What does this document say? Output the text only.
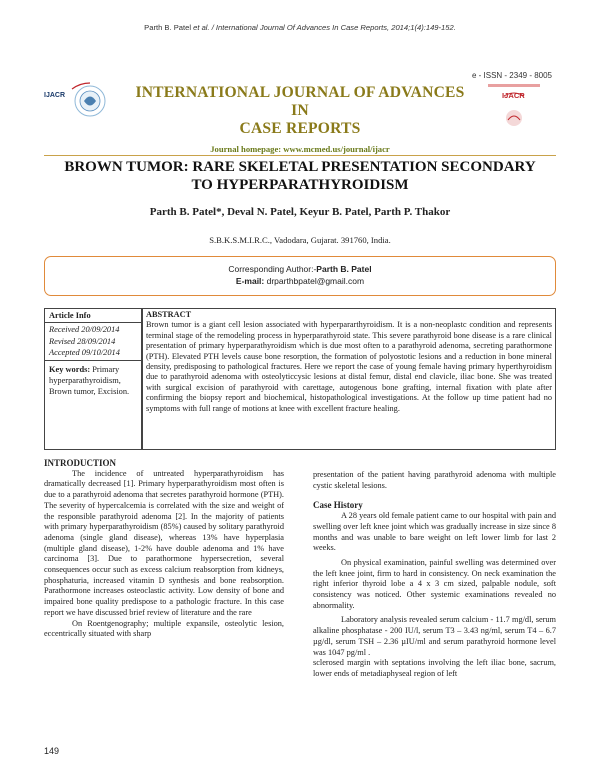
Parth B. Patel et al. / International Journal Of Advances In Case Reports, 2014;1(4):149-152.
e - ISSN - 2349 - 8005
IJACR	INTERNATIONAL JOURNAL OF ADVANCES IN
CASE REPORTS
IJACR
Journal homepage: www.mcmed.us/journal/ijacr
BROWN TUMOR: RARE SKELETAL PRESENTATION SECONDARY
TO HYPERPARATHYROIDISM
Parth B. Patel*, Deval N. Patel, Keyur B. Patel, Parth P. Thakor
S.B.K.S.M.I.R.C., Vadodara, Gujarat. 391760, India.
Corresponding Author:-Parth B. Patel
E-mail: drparthbpatel@gmail.com
Article Info
Received 20/09/2014
Revised 28/09/2014
Accepted 09/10/2014
Key words: Primary hyperparathyroidism, Brown tumor, Excision.
ABSTRACT
Brown tumor is a giant cell lesion associated with hyperpararthyroidism. It is a non-neoplastc condition and represents terminal stage of the remodeling process in hyperparathyroid state. This severe parathyroid bone disease is a rare clinical presentation of primary hyperparathyroidism which is due most often to a parathyroid adenoma, secreting parathormone (PTH). Elevated PTH levels cause bone resorption, the formation of polyostotic lesions and a reduction in bone mineral density, predisposing to pathological fractures. Here we report the case of young female having primary hyperthyroidism due to parathyroid adenoma with osteolyticcysic lesions at distal femur, distal end clavicle, iliac bone. She was treated with surgical excision of parathyroid with carettage, autogenous bone grafting, internal fixation with plate after confirming the biopsy report and biochemical, histopathological investigations. At the follow up time patient had no symptoms with full range of motions at knee with excellent fracture healing.
INTRODUCTION

The incidence of untreated hyperparathyroidism has dramatically decreased [1]. Primary hyperparathyroidism most often is due to a parathyroid adenoma that secretes parathyroid hormone (PTH). The severity of hypercalcemia is correlated with the size and weight of the responsible parathyroid adenoma [2]. In the majority of patients with primary hyperparathyroidism (85%) caused by solitary parathyroid adenoma (single gland disease), whereas 13% have hyperplasia (multiple gland disease), 1-2% have double adenoma and 1% have carcinoma [3]. Due to parathormone hypersecretion, several consequences occur such as excess calcium reabsorption from kidneys, phosphaturia, increased vitamin D synthesis and bone reabsorption. Parathormone increases osteoclastic activity. Low density of bone and impaired bone quality predispose to a pathologic fracture. In this case report we have discussed brief review of literature and the rare

On Roentgenography; multiple expansile, osteolytic lesion, eccentrically situated with sharp

presentation of the patient having parathyroid adenoma with multiple cystic skeletal lesions.

Case History

A 28 years old female patient came to our hospital with pain and swelling over left knee joint which was gradually increase in size since 8 months and was unable to bare weight on left lower limb for last 2 weeks.

On physical examination, painful swelling was determined over the left knee joint, firm to hard in consistency. On neck examination the right inferior thyroid lobe a 4 x 3 cm sized, palpable nodule, soft consistency was noticed. Other systemic examinations revealed no abnormality.

Laboratory analysis revealed serum calcium - 11.7 mg/dl, serum alkaline phosphatase - 200 IU/l, serum T3 – 3.43 ng/ml, serum T4 – 6.7 µg/dl, serum TSH – 2.36 µIU/ml and serum parathyroid hormone level was 1047 pg/ml .

sclerosed margin with septations involving the left iliac bone, sacrum, lower ends of metadiaphyseal region of left

149
